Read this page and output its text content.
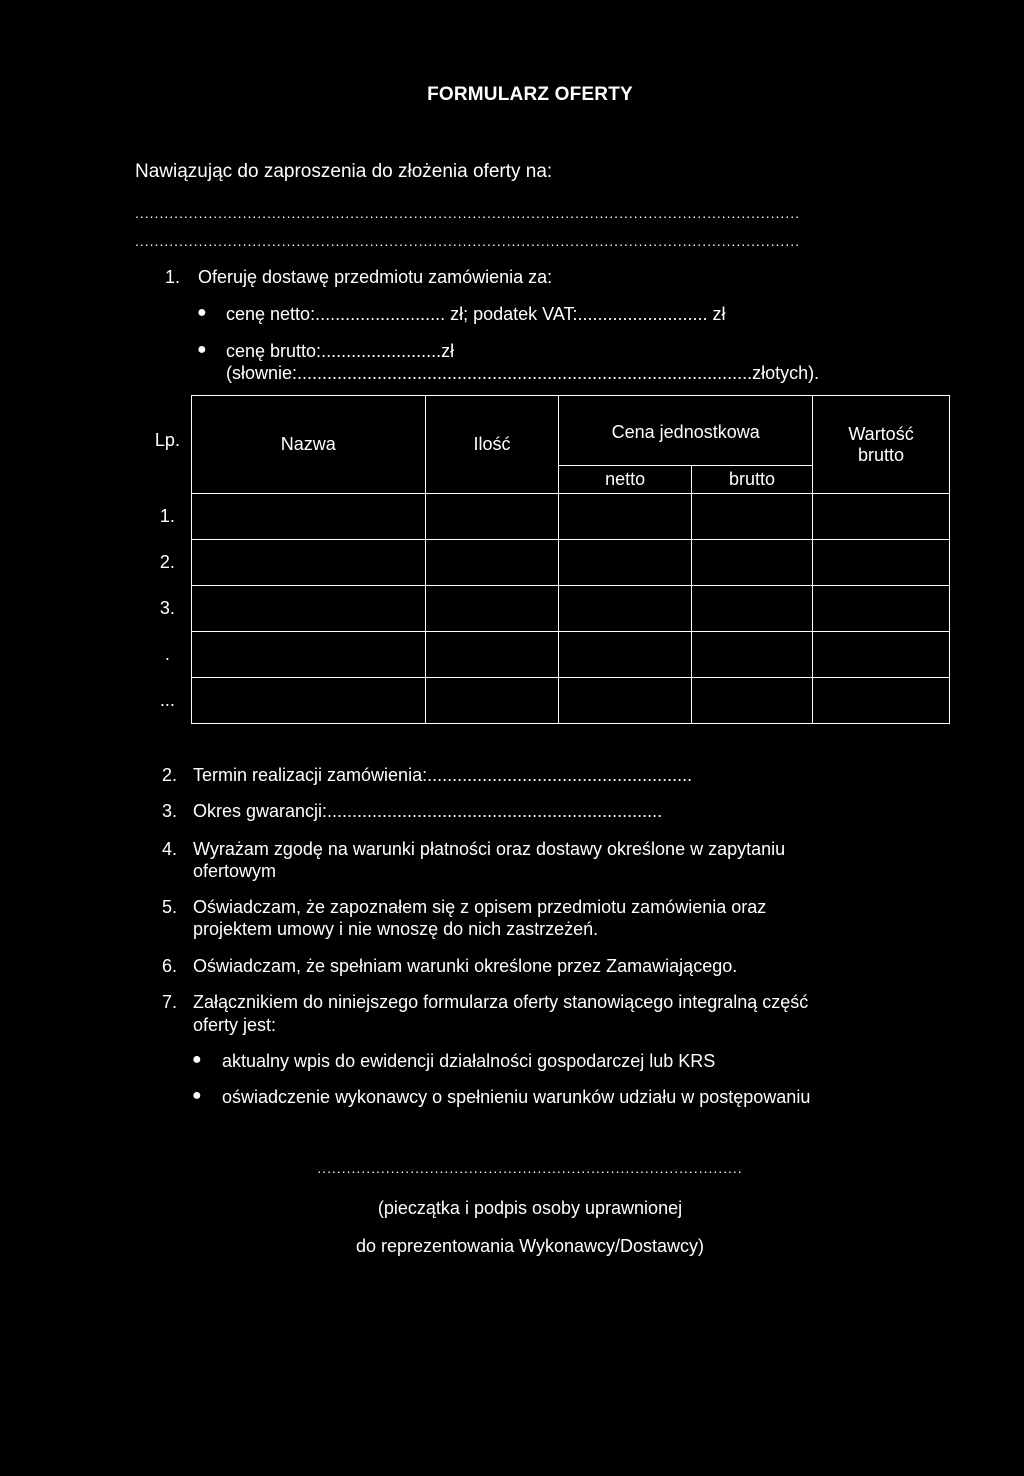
FORMULARZ OFERTY
Nawiązując do zaproszenia do złożenia oferty na:
........................................................................................................................................
........................................................................................................................................
1. Oferuję dostawę przedmiotu zamówienia za:
● cenę netto:.......................... zł; podatek VAT:.......................... zł
● cenę brutto:........................zł
(słownie:...........................................................................................złotych).
Lp.	Nazwa	Ilość	Cena jednostkowa		Wartość brutto
			netto	brutto	
1.					
2.					
3.					
.					
...					
2. Termin realizacji zamówienia:.....................................................
3. Okres gwarancji:...................................................................
4. Wyrażam zgodę na warunki płatności oraz dostawy określone w zapytaniu
ofertowym
5. Oświadczam, że zapoznałem się z opisem przedmiotu zamówienia oraz
projektem umowy i nie wnoszę do nich zastrzeżeń.
6. Oświadczam, że spełniam warunki określone przez Zamawiającego.
7. Załącznikiem do niniejszego formularza oferty stanowiącego integralną część
oferty jest:
● aktualny wpis do ewidencji działalności gospodarczej lub KRS
● oświadczenie wykonawcy o spełnieniu warunków udziału w postępowaniu
.......................................................................................
(pieczątka i podpis osoby uprawnionej
do reprezentowania Wykonawcy/Dostawcy)
